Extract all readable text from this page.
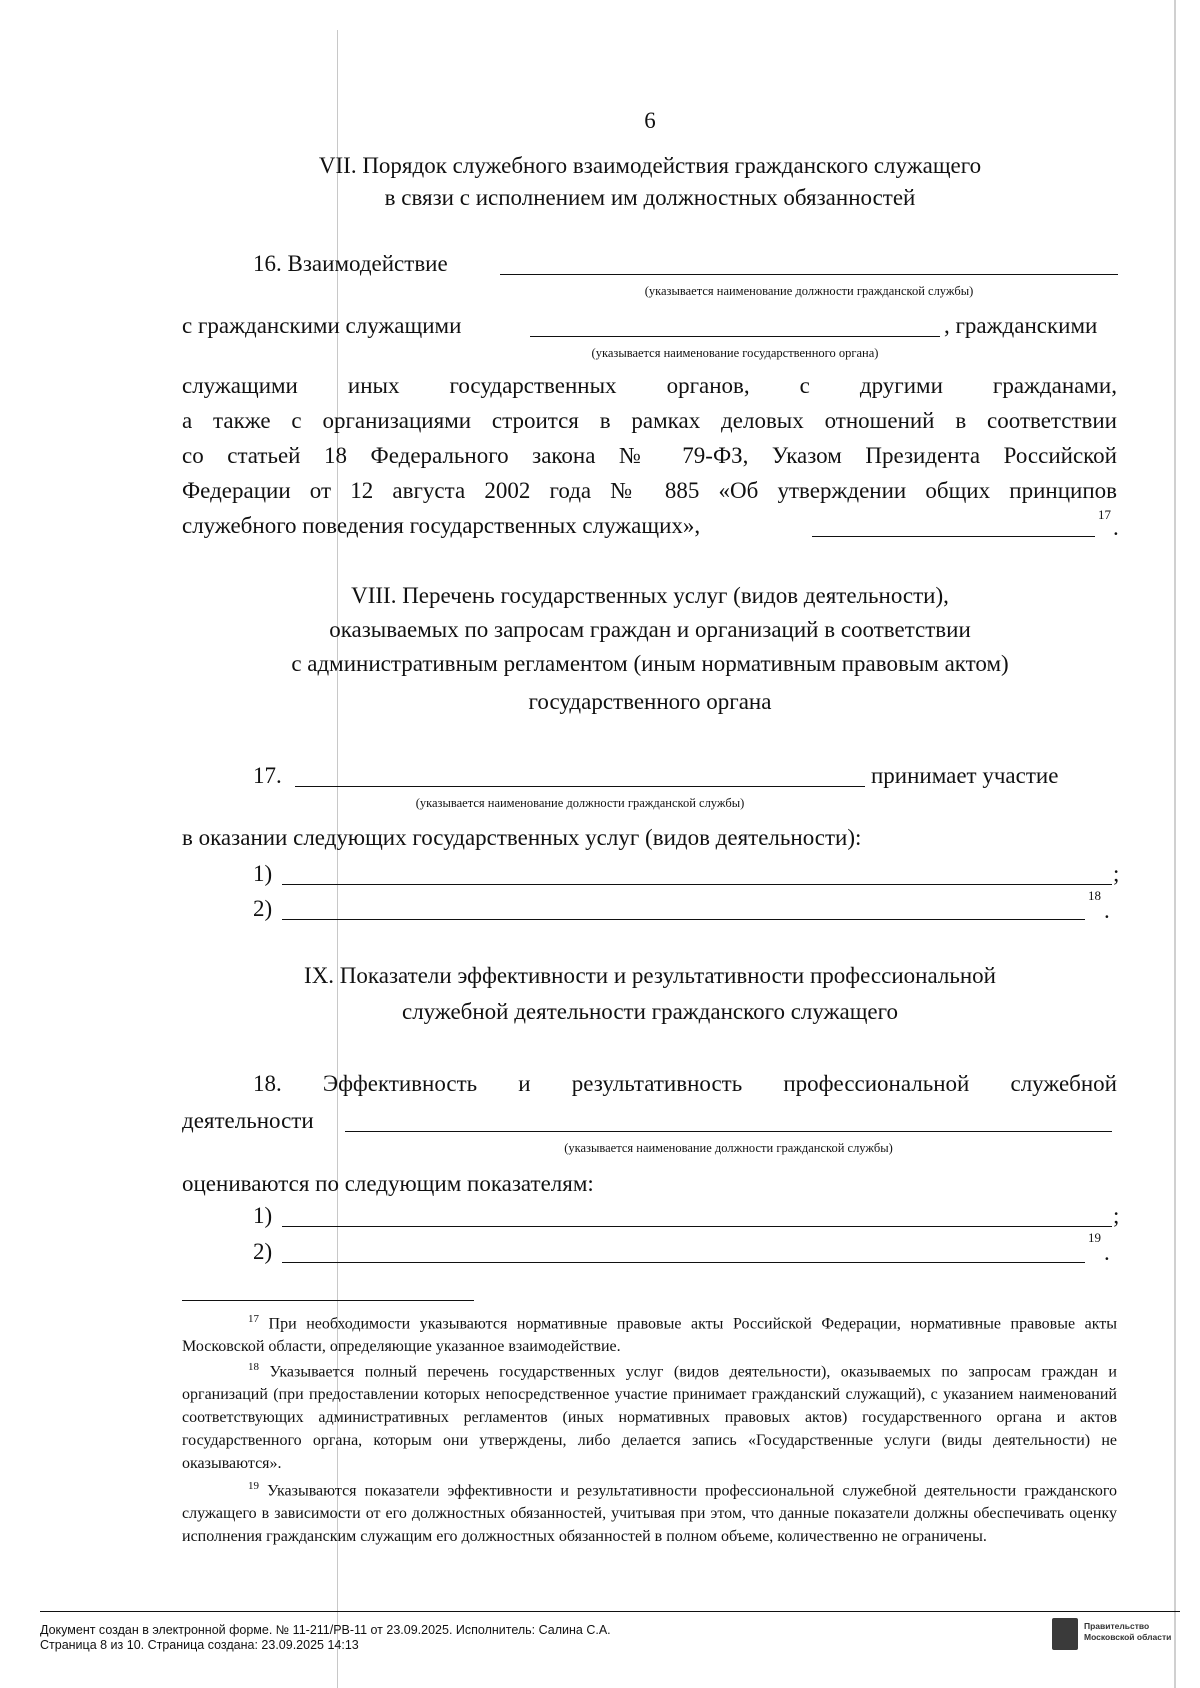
6
VII. Порядок служебного взаимодействия гражданского служащего
в связи с исполнением им должностных обязанностей
16. Взаимодействие
(указывается наименование должности гражданской службы)
с гражданскими служащими	, гражданскими
(указывается наименование государственного органа)
служащими иных государственных органов, с другими гражданами,
а также с организациями строится в рамках деловых отношений в соответствии
со статьей 18 Федерального закона № 79-ФЗ, Указом Президента Российской
Федерации от 12 августа 2002 года № 885 «Об утверждении общих принципов
служебного поведения государственных служащих»,	17
.
VIII. Перечень государственных услуг (видов деятельности),
оказываемых по запросам граждан и организаций в соответствии
с административным регламентом (иным нормативным правовым актом)
государственного органа
17.	принимает участие
(указывается наименование должности гражданской службы)
в оказании следующих государственных услуг (видов деятельности):
1)	;
2)
18
.
IX. Показатели эффективности и результативности профессиональной
служебной деятельности гражданского служащего
18. Эффективность и результативность профессиональной служебной
деятельности
(указывается наименование должности гражданской службы)
оцениваются по следующим показателям:
1)	;
2)
19
.
$^{17}$ При необходимости указываются нормативные правовые акты Российской Федерации, нормативные правовые акты Московской области, определяющие указанное взаимодействие.
$^{18}$ Указывается полный перечень государственных услуг (видов деятельности), оказываемых по запросам граждан и организаций (при предоставлении которых непосредственное участие принимает гражданский служащий), с указанием наименований соответствующих административных регламентов (иных нормативных правовых актов) государственного органа и актов государственного органа, которым они утверждены, либо делается запись «Государственные услуги (виды деятельности) не оказываются».
$^{19}$ Указываются показатели эффективности и результативности профессиональной служебной деятельности гражданского служащего в зависимости от его должностных обязанностей, учитывая при этом, что данные показатели должны обеспечивать оценку исполнения гражданским служащим его должностных обязанностей в полном объеме, количественно не ограничены.
Документ создан в электронной форме. № 11-211/РВ-11 от 23.09.2025. Исполнитель: Салина С.А.
Страница 8 из 10. Страница создана: 23.09.2025 14:13
Правительство
Московской области
